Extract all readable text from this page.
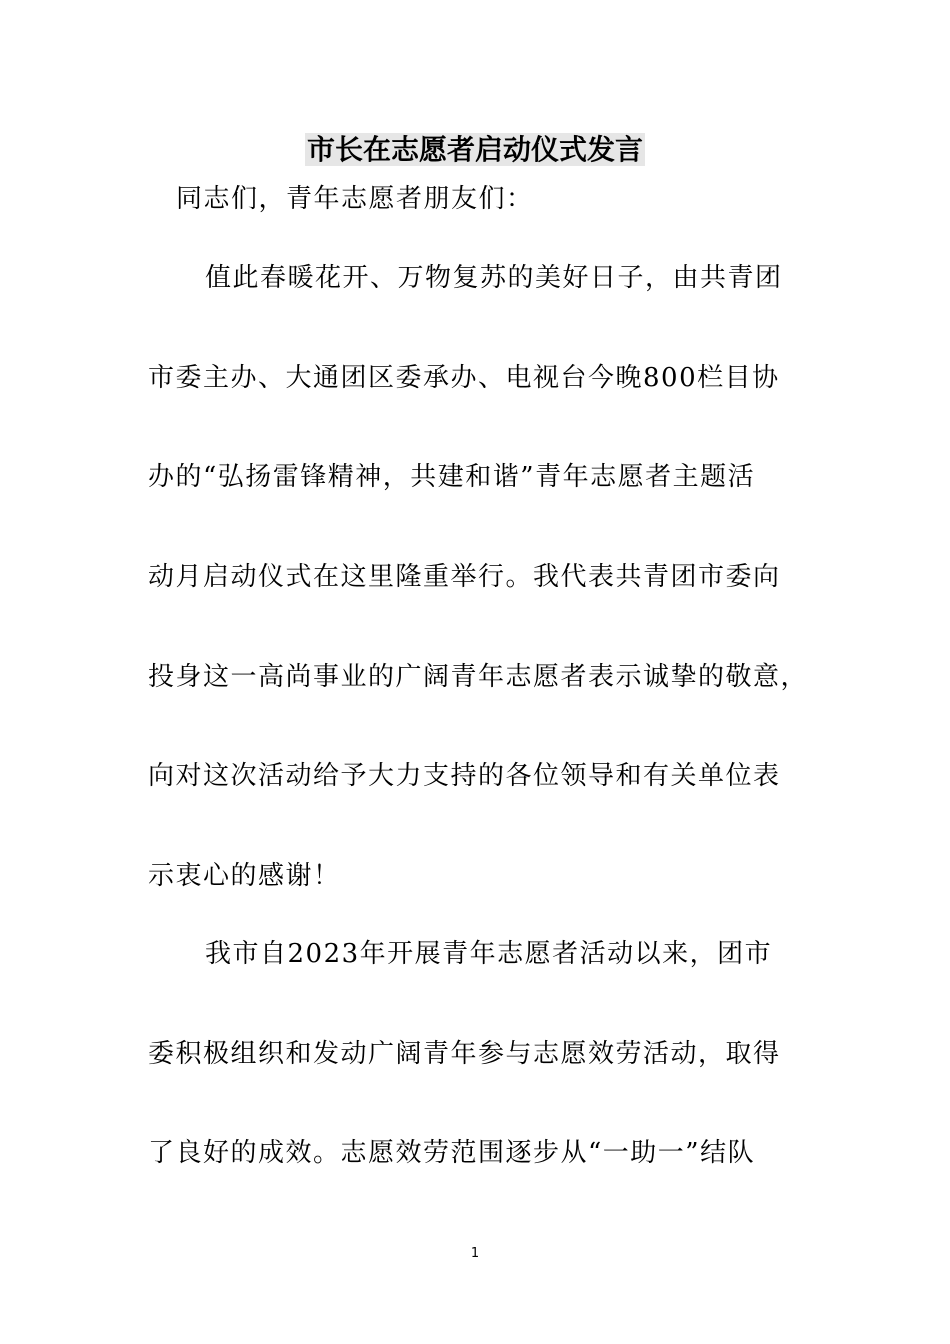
市长在志愿者启动仪式发言

同志们，青年志愿者朋友们：

值此春暖花开、万物复苏的美好日子，由共青团

市委主办、大通团区委承办、电视台今晚800栏目协

办的“弘扬雷锋精神，共建和谐”青年志愿者主题活

动月启动仪式在这里隆重举行。我代表共青团市委向

投身这一高尚事业的广阔青年志愿者表示诚挚的敬意，

向对这次活动给予大力支持的各位领导和有关单位表

示衷心的感谢！

我市自2023年开展青年志愿者活动以来，团市

委积极组织和发动广阔青年参与志愿效劳活动，取得

了良好的成效。志愿效劳范围逐步从“一助一”结队

1
